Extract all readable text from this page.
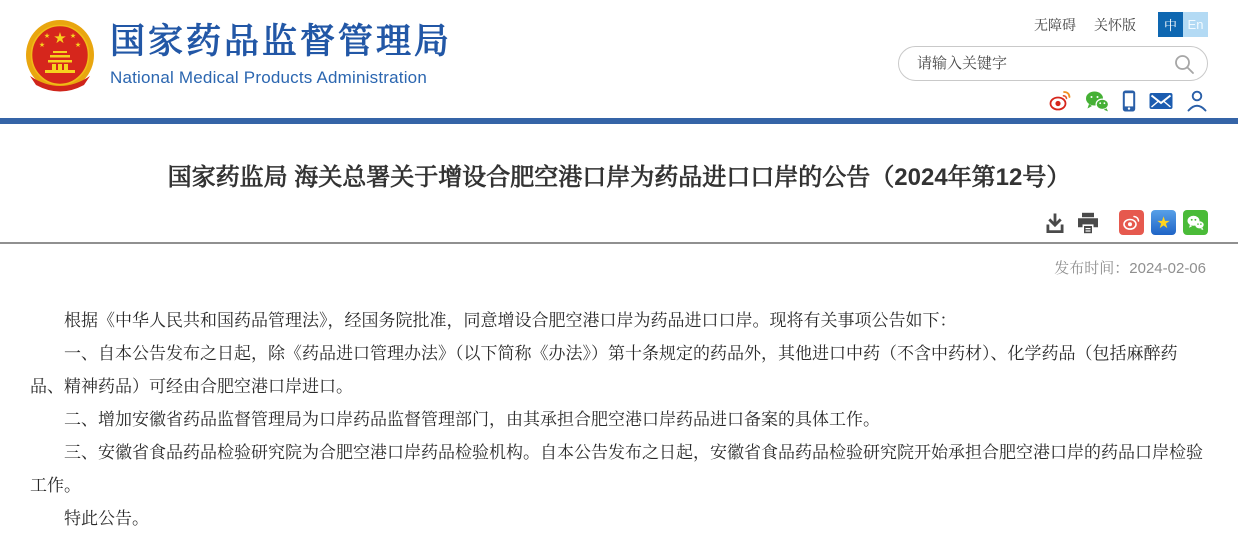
★
★	★
★	★ 国家药品监督管理局
National Medical Products Administration
无障碍 关怀版	中 En
请输入关键字
国家药监局 海关总署关于增设合肥空港口岸为药品进口口岸的公告（2024年第12号）
★
发布时间：2024-02-06

根据《中华人民共和国药品管理法》，经国务院批准，同意增设合肥空港口岸为药品进口口岸。现将有关事项公告如下：

一、自本公告发布之日起，除《药品进口管理办法》（以下简称《办法》）第十条规定的药品外，其他进口中药（不含中药材）、化学药品（包括麻醉药品、精神药品）可经由合肥空港口岸进口。

二、增加安徽省药品监督管理局为口岸药品监督管理部门，由其承担合肥空港口岸药品进口备案的具体工作。

三、安徽省食品药品检验研究院为合肥空港口岸药品检验机构。自本公告发布之日起，安徽省食品药品检验研究院开始承担合肥空港口岸的药品口岸检验工作。

特此公告。
